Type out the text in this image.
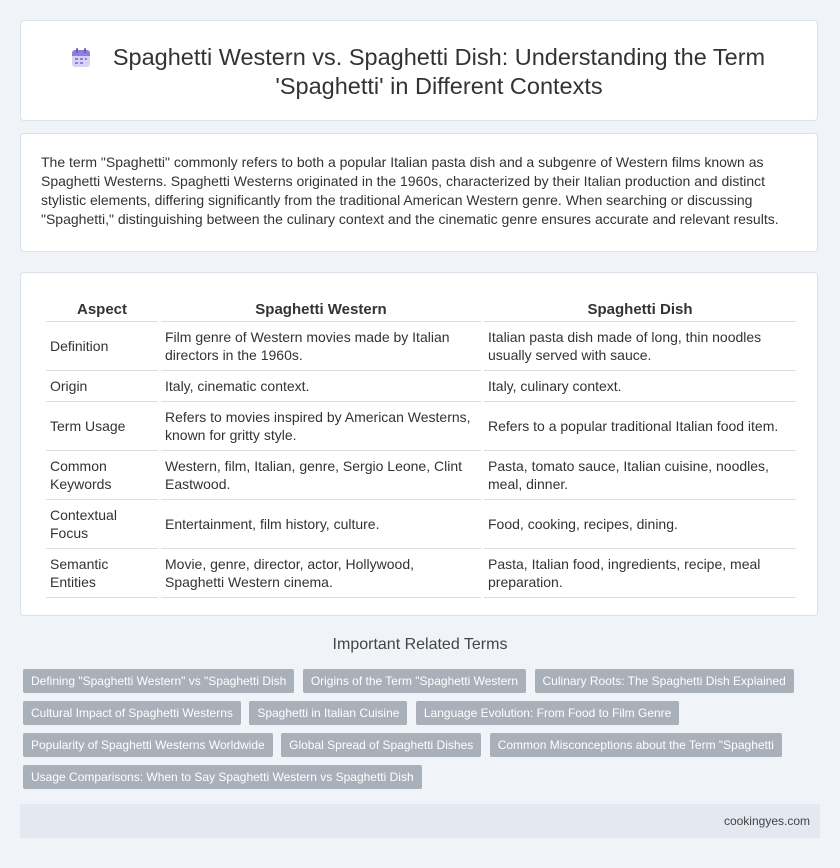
Spaghetti Western vs. Spaghetti Dish: Understanding the Term 'Spaghetti' in Different Contexts

The term "Spaghetti" commonly refers to both a popular Italian pasta dish and a subgenre of Western films known as Spaghetti Westerns. Spaghetti Westerns originated in the 1960s, characterized by their Italian production and distinct stylistic elements, differing significantly from the traditional American Western genre. When searching or discussing "Spaghetti," distinguishing between the culinary context and the cinematic genre ensures accurate and relevant results.

Aspect	Spaghetti Western	Spaghetti Dish
Definition	Film genre of Western movies made by Italian directors in the 1960s.	Italian pasta dish made of long, thin noodles usually served with sauce.
Origin	Italy, cinematic context.	Italy, culinary context.
Term Usage	Refers to movies inspired by American Westerns, known for gritty style.	Refers to a popular traditional Italian food item.
Common Keywords	Western, film, Italian, genre, Sergio Leone, Clint Eastwood.	Pasta, tomato sauce, Italian cuisine, noodles, meal, dinner.
Contextual Focus	Entertainment, film history, culture.	Food, cooking, recipes, dining.
Semantic Entities	Movie, genre, director, actor, Hollywood, Spaghetti Western cinema.	Pasta, Italian food, ingredients, recipe, meal preparation.
Important Related Terms
Defining "Spaghetti Western" vs "Spaghetti Dish Origins of the Term "Spaghetti Western Culinary Roots: The Spaghetti Dish Explained
Cultural Impact of Spaghetti Westerns Spaghetti in Italian Cuisine Language Evolution: From Food to Film Genre
Popularity of Spaghetti Westerns Worldwide Global Spread of Spaghetti Dishes Common Misconceptions about the Term "Spaghetti
Usage Comparisons: When to Say Spaghetti Western vs Spaghetti Dish
cookingyes.com
